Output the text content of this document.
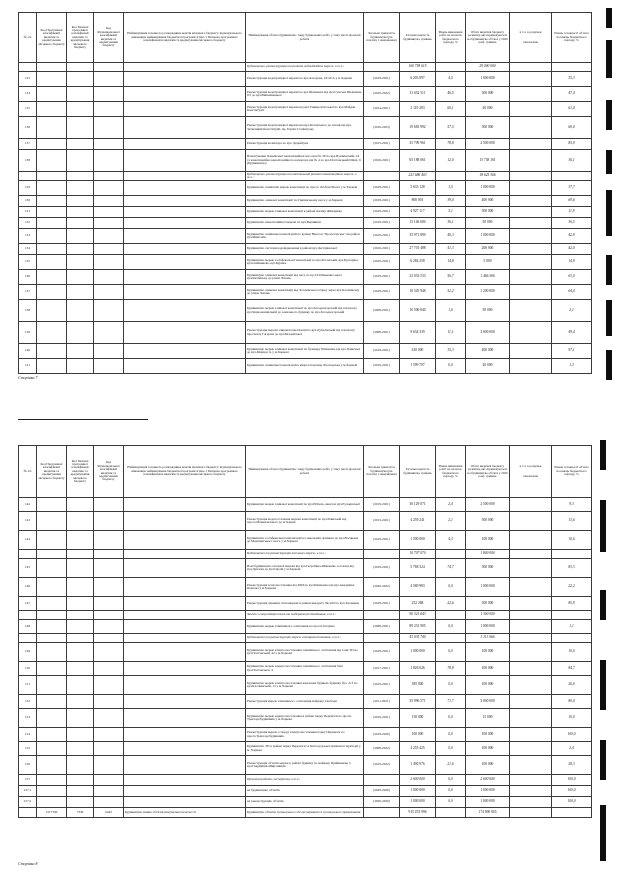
№ з/п	Код Програмної класифікації видатків та кредитування місцевого бюджету	Код Типової програмної класифікації видатків та кредитування місцевого бюджету	Код Функціональної класифікації видатків та кредитування бюджету	Найменування головного розпорядника коштів місцевого бюджету/ відповідального виконавця, найменування бюджетної програми згідно з Типовою програмною класифікацією видатків та кредитування місцевого бюджету	Найменування об'єкта будівництва / виду будівельних робіт, у тому числі проектні роботи	Загальна тривалість будівництва (рік початку і завершення)	Загальна вартість будівництва, гривень	Рівень виконання робіт на початок бюджетного періоду, %	Обсяг видатків бюджету розвитку, які спрямовуються на будівництво об'єкта у 2020 році, гривень	в т.ч. за рахунок

запозичень	Рівень готовності об'єкта на кінець бюджетного періоду, %
					Будівництво, реконструкція та ремонт водовідвідних мереж, в т.ч.:		160 758 615		29 000 000		
125					Реконструкція водопровідної мережі по вул.Ахсарова, 18-20 А у м.Харкові	(2019-2021)	6 203 897	4,5	1 000 000		35,3
133					Реконструкція водопровідної мережі по вул.Шевченка від вул.Сумська Шевченка, 9 б до вул.Вишневецької	(2016-2022)	31 632 511	46,5	300 000		47,4
135					Реконструкція водопровідної мережі від вул.Університетської по вул.Майдан Конституції	(2014-2021)	2 119 203	60,1	20 000		61,4
136					Реконструкція водопровідної мережі від вул.Котовського до площі від вул. Захисників Конституції, пр. Героїв Сталінграду	(2016-2023)	19 683 992	57,5	500 000		60,0
137					Реконструкція колектора по вул. Дерейчука	(2015-2021)	35 709 961	78,8	2 500 000		85,9
138					Влаштування Харківської каналізаційної насосної № 30 по вул.Пушкінській, 24 та каналізаційно-каналізаційного колектора від № 4 по вул.Полтавський Шлях, 6 (Будівництво)	(2016-2021)	65 188 061	12,0	15 738 161		36,1
					Будівництво, реконструкція та капітальний ремонт каналізаційних мереж, в т.ч.:		221 686 403		18 625 366		
129					Будівництво зовнішніх мереж каналізації по просп. Любові Малої у м.Харкові	(2018-2021)	5 633 128	1,5	1 000 000		37,7
130					Будівництво зливової каналізації по Грицівському шосе у м.Харкові	(2018-2021)	800 001	39,4	400 000		69,6
131					Будівництво мереж зливової каналізації в районі масиву Жихарівка	(2019-2021)	4 927 117	5,1	500 000		11,9
132					Будівництво каналізаційної мережі по вул.Вершинін	(2016-2021)	13 146 684	36,1	50 000		36,5
133					Будівництво зовнішньої каналізації по вулиці Ньютон "Пролетарське" від район вул.Миколаїв	(2016-2021)	35 971 899	40,3	1 000 000		42,9
134					Будівництво системи водовідведення в районі вул.Дегтярівської	(2016-2021)	27 701 488	41,3	200 000		42,0
135					Будівництво мереж госпфекальної каналізації по вул.Роганській, вул.Булгаріна, вул.Олійникова, вул.Куряжа	(2016-2021)	6 284 258	14,8	5 000		14,9
136					Будівництво зливової каналізації від пасу по пр.Т.Г.Шевченка через вул.Китайську до річки Лопань	(2018-2021)	23 033 533	56,7	1 466 366		63,0
137					Будівництво зливової каналізації від Золочівського парку через вул.Клочківську до річки Лопань	(2018-2021)	10 545 948	52,2	1 200 000		64,4
138					Будівництво мереж зливової каналізації по вул.Холодногорській від площі від вул.Червоношкільній до земельного будинку по вул.Холодногорській	(2008-2021)	10 500 840	1,6	50 000		2,1
139					Реконструкція мережі зливової каналізації по вул.Дубасівській від площі від проспекту Гагаріна до вул.Валдайської	(2008-2021)	9 634 339	11,1	3 600 000		49,4
140					Будівництво мереж зливової каналізації по бульвару Шевченка від вул.Гривської до вул.Майдан та у м.Харкові	(2018-2021)	610 000	35,3	400 000		97,1
141					Будівництво зовнішньої каналізації в кварталі вулиць Лісоводська у м.Харкові	(2019-2021)	1 599 707	0,0	20 000		1,3
Сторінка 7
№ з/п	Код Програмної класифікації видатків та кредитування місцевого бюджету	Код Типової програмної класифікації видатків та кредитування місцевого бюджету	Код Функціональної класифікації видатків та кредитування бюджету	Найменування головного розпорядника коштів місцевого бюджету/ відповідального виконавця, найменування бюджетної програми згідно з Типовою програмною класифікацією видатків та кредитування місцевого бюджету	Найменування об'єкта будівництва / виду будівельних робіт, у тому числі проектні роботи	Загальна тривалість будівництва (рік початку і завершення)	Загальна вартість будівництва, гривень	Рівень виконання робіт на початок бюджетного періоду, %	Обсяг видатків бюджету розвитку, які спрямовуються на будівництво об'єкта у 2020 році, гривень	в т.ч. за рахунок

запозичень	Рівень готовності об'єкта на кінець бюджетного періоду, %
142					Будівництво мереж зливової каналізації по вул.Нобель, квартал вул.Руськівської	(2019-2021)	30 129 071	2,4	2 500 000		9,3
143					Реконструкція водопостачання мережі каналізації по вул.Ревиській від просп.Малиновського до м.Харків	(2013-2021)	4 259 241	2,1	500 000		13,6
144					Будівництво госпфекальної каналізації на земельних ділянках по вул.Воєнкома до Моршинського шосе у м.Харкові	(2019-2021)	1 500 000	4,3	100 000		10,6
					Будівництво та реконструкція теплових мереж, в т.ч.:		10 707 070		1 800 000		
145					Нові будівництво теплової мережі від вул.Георгіївна-Шевченко за площі від вул.Дунаєва до вул.Героїв у м.Харкові	(2018-2021)	5 768 324	74,7	500 000		83,3
146					Реконструкція теплопостачання від РДП по вул.Шевченка від вул.Академіка Павлова у м.Харкові	(2020-2022)	4 580 983	0,0	1 000 000		22,2
147					Реконструкція дільниці тепломережі в районі квадрату 3К-100 по вул.Хроменка	(2018-2021)	252 268	22,6	300 000		85,9
					Заходи з енергозбереження та модернізації обладнання, в т.ч.:		90 321 643		1 300 000		
148					Будівництво мереж зовнішнього освітлення по просп.Гагаріна	(2008-2021)	89 231 905	0,0	1 000 000		1,1
					Будівництво та реконструкція мереж електропостачання, в т.ч.:		43 035 740		3 113 066		
149					Будівництво мереж електропостачання зовнішнього освітлення від зони ТП по вул.Полтавській, 42 у м.Харкові	(2018-2021)	1 000 000	0,0	100 000		10,0
150					Будівництво мереж електропостачання зовнішнього освітлення біля вул.Полтавської, 4	(2017-2021)	1 826 026	78,9	100 000		84,7
151					Будівництво мереж електропостачання житлових будівель будинку бул. Л-3 по вул.Клочківській, 15 у м.Харкові	(2019-2021)	385 000	0,0	100 000		26,0
152					Реконструкція мереж зовнішнього освітлення майдану Свободи	(2011-2021)	35 996 571	71,7	3 000 000		80,0
153					Будівництво мереж електропостачання в районі парку Перемоги по просп. Тракторобудівників у м.Харкові	(2019-2021)	150 000	0,0	15 000		10,0
154					Реконструкція мереж і споруд електропостачання парку Перемоги по просп.Тракторобудівників	(2019-2020)	100 000	0,0	100 000		100,0
155					Будівництво ТП в районі парку Перемоги та Белгородської приватної території у м. Харкові	(2008-2022)	4 255 425	0,0	100 000		2,4
156					Реконструкція об'єктів мереж в районі будинку по майдану Приймакова 5 вул.Гвардійців-Широнінців	(2019-2022)	1 490 976	21,6	100 000		28,3
157					Проектні роботи, експертиза, в т.ч.:		2 600 000	0,0	2 600 000		100,0
157.1					на будівництво об'єктів	(2020-2020)	1 000 000	0,0	1 000 000		100,0
157.2					на реконструкцію об'єктів	(2020-2020)	1 000 000	0,0	1 000 000		100,0
	1517330	7330	0443	Будівництво інших об'єктів комунальної власності	Будівництво об'єктів громадського обслуговування та громадського призначення		915 253 996		174 690 065		
Сторінка 8
